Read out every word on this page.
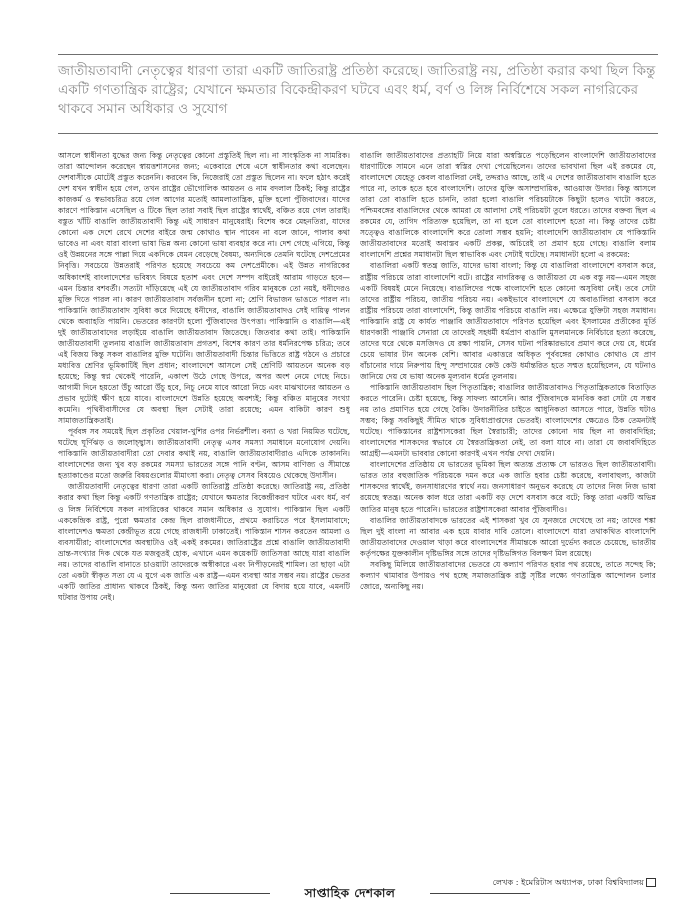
জাতীয়তাবাদী নেতৃত্বের ধারণা তারা একটি জাতিরাষ্ট্র প্রতিষ্ঠা করেছে। জাতিরাষ্ট্র নয়, প্রতিষ্ঠা করার কথা ছিল কিন্তু একটি গণতান্ত্রিক রাষ্ট্রের; যেখানে ক্ষমতার বিকেন্দ্রীকরণ ঘটবে এবং ধর্ম, বর্ণ ও লিঙ্গ নির্বিশেষে সকল নাগরিকের থাকবে সমান অধিকার ও সুযোগ

আসলে স্বাধীনতা যুদ্ধের জন্য কিন্তু নেতৃত্বের কোনো প্রস্তুতিই ছিল না। না সাংস্কৃতিক না সামরিক। তারা আন্দোলন করেছেন স্বায়ত্তশাসনের জন্য; একেবারে শেষে এসে স্বাধীনতার কথা বলেছেন। দেশবাসীকে মোটেই প্রস্তুত করেননি। করবেন কি, নিজেরাই তো প্রস্তুত ছিলেন না। ফলে হঠাৎ করেই দেশ যখন স্বাধীন হয়ে গেল, তখন রাষ্ট্রের ভৌগোলিক আয়তন ও নাম বদলাল ঠিকই; কিন্তু রাষ্ট্রের কাজকর্ম ও স্বভাবচরিত্র রয়ে গেল আগের মতোই আমলাতান্ত্রিক, মুক্তি হলো পুঁজিবাদের। যাদের কারণে পাকিস্তান এসেছিল ও টিকে ছিল তারা সবাই ছিল রাষ্ট্রের স্বার্থেই, বঞ্চিত রয়ে গেল তারাই। বস্তুত খাঁটি বাঙালি জাতীয়তাবাদী কিন্তু এই সাধারণ মানুষেরাই। বিশেষ করে মেহনতিরা, যাদের কোনো এক দেশে রেখে দেশের বাইরে জন্ম কোথাও স্থান পাবেন না বলে জানে, পালাব কথা ভাবেও না এবং যারা বাংলা ভাষা ভিন্ন অন্য কোনো ভাষা ব্যবহার করে না। দেশ গেছে এগিয়ে, কিন্তু ওই উন্নয়নের সঙ্গে পাল্লা দিয়ে একদিকে যেমন বেড়েছে বৈষম্য, অন্যদিকে তেমনি ঘটেছে দেশপ্রেমের নিবৃত্তি। সবচেয়ে উন্নতরাই পরিণত হয়েছে সবচেয়ে কম দেশপ্রেমীকে। এই উন্নত নাগরিকের অধিকাংশই বাংলাদেশের ভবিষ্যৎ বিষয়ে হতাশ এবং দেশে সম্পদ বাইরেই আরাম গাড়তে হবে—এমন চিন্তার বশবর্তী। সত্যটা দাঁড়িয়েছে এই যে জাতীয়তাবাদ গরিব মানুষকে তো নয়ই, ধনীদেরও মুক্তি দিতে পারল না। কারণ জাতীয়তাবাদ সর্বজনীন হলো না; শ্রেণি বিভাজন ভাঙতে পারল না। পাকিস্তানি জাতীয়তাবাদ সুবিধা করে দিয়েছে ধনীদের, বাঙালি জাতীয়তাবাদও সেই দায়িত্ব পালন থেকে অব্যাহতি পায়নি। ভেতরের কারণটা হলো পুঁজিবাদের উৎপত্তা। পাকিস্তানি ও বাঙালি—এই দুই জাতীয়তাবাদের লড়াইয়ে বাঙালি জাতীয়তাবাদ জিতেছে। জিতবার কথা তাই। পাকিস্তানি জাতীয়তাবাদী তুলনায় বাঙালি জাতীয়তাবাদ প্রগতশ, বিশেষ কারণ তার ধর্মনিরপেক্ষ চরিত্র; তবে এই বিজয় কিন্তু সকল বাঙালির মুক্তি ঘটেনি। জাতীয়তাবাদী চিন্তার ভিত্তিতে রাষ্ট্র গঠনে ও প্রচারে মধ্যবিত্ত শ্রেণির ভূমিকাটিই ছিল প্রধান; বাংলাদেশে আসলে সেই শ্রেণিটি আয়তনে অনেক বড় হয়েছে; কিন্তু স্বপ্ন থেকেই পারেনি, একাংশ উঠে গেছে উপরে, অপর অংশ নেমে গেছে নিচে। আগামী দিনে হয়তো উঁচু আরো উঁচু হবে, নিচু নেমে যাবে আরো নিচে এবং মাঝখানের আয়তন ও প্রভাব দুটোই ক্ষীণ হয়ে যাবে। বাংলাদেশে উন্নতি হয়েছে অবশ্যই; কিন্তু বঞ্চিত মানুষের সংখ্যা কমেনি। পৃথিবীবাসীদের যে অবস্থা ছিল সেটাই তারা রয়েছে; এমন বাকিটা কারণ শুধু সামাজতান্ত্রিকতাই।

পূর্ববঙ্গ সব সময়েই ছিল প্রকৃতির খেয়াল-খুশির ওপর নির্ভরশীল। বন্যা ও খরা নিয়মিত ঘটেছে, ঘটেছে ঘূর্ণিঝড় ও জলোচ্ছ্বাস। জাতীয়তাবাদী নেতৃত্ব এসব সমস্যা সমাধানে মনোযোগ দেয়নি। পাকিস্তানি জাতীয়তাবাদীরা তো দেবার কথাই নয়, বাঙালি জাতীয়তাবাদীরাও এদিকে তাকাননি। বাংলাদেশের জন্য খুব বড় রকমের সমস্যা ভারতের সঙ্গে পানি বণ্টন, আসম বাণিজ্য ও সীমান্তে হত্যাকাণ্ডের মতো জরুরি বিষয়গুলোর মীমাংসা করা। নেতৃত্ব সেসব বিষয়েও থেকেছে উদাসীন।

জাতীয়তাবাদী নেতৃত্বের ধারণা তারা একটি জাতিরাষ্ট্র প্রতিষ্ঠা করেছে। জাতিরাষ্ট্র নয়, প্রতিষ্ঠা করার কথা ছিল কিন্তু একটি গণতান্ত্রিক রাষ্ট্রের; যেখানে ক্ষমতার বিকেন্দ্রীকরণ ঘটবে এবং ধর্ম, বর্ণ ও লিঙ্গ নির্বিশেষে সকল নাগরিকের থাকবে সমান অধিকার ও সুযোগ। পাকিস্তান ছিল একটি এককেন্দ্রিক রাষ্ট্র, পুরো ক্ষমতার কেন্দ্র ছিল রাজধানীতে, প্রথমে করাচিতে পরে ইসলামাবাদে; বাংলাদেশও ক্ষমতা কেন্দ্রীভূত রয়ে গেছে রাজধানী ঢাকাতেই। পাকিস্তান শাসন করতেন আমলা ও ব্যবসায়ীরা; বাংলাদেশের অবস্থাটাও ওই একই রকমের। জাতিরাষ্ট্রের প্রশ্নে বাঙালি জাতীয়তাবাদী ভ্রান্ত-সংখ্যার দিক থেকে যত মজবুতই হোক, এখানে এমন কয়েকটি জাতিসত্তা আছে যারা বাঙালি নয়। তাদের বাঙালি বানাতে চাওয়াটা তাদেরকে অস্বীকারে এবং নিপীড়নেরই শামিল। তা ছাড়া এটা তো একটা স্বীকৃত সত্য যে এ যুগে এক জাতি এক রাষ্ট্র—এমন ব্যবস্থা আর সম্ভব নয়। রাষ্ট্রের ভেতর একটি জাতির প্রাধান্য থাকবে ঠিকই, কিন্তু অন্য জাতির মানুষেরা যে বিদায় হয়ে যাবে, এমনটি ঘটবার উপায় নেই।

বাঙালি জাতীয়তাবাদের প্রত্যাহটি নিয়ে যারা অস্বস্তিতে পড়েছিলেন বাংলাদেশি জাতীয়তাবাদের ধারণাটিকে সামনে এনে তারা স্বস্তির দেখা পেয়েছিলেন। তাদের ভাবখানা ছিল এই রকমের যে, বাংলাদেশে যেহেতু কেবল বাঙালিরা নেই, তদ্দরাও আছে, তাই এ দেশের জাতীয়তাবাদ বাঙালি হতে পারে না, তাকে হতে হবে বাংলাদেশি। তাদের যুক্তি অসাম্প্রদায়িক, আওয়াজ উদার। কিন্তু আসলে তারা তো বাঙালি হতে চাননি, তারা হলো বাঙালি পরিচয়টাকে কিছুটা হলেও খাটো করতে, পশ্চিমবঙ্গের বাঙালিদের থেকে আমরা যে আলাদা সেই পরিচয়টা তুলে ধরতে। তাদের বক্তব্য ছিল এ রকমের যে, তাগিদ পরিত্যক্ত হয়েছিল, তা না হলে তো বাংলাদেশ হতো না। কিন্তু তাদের চেষ্টা সত্ত্বেও বাঙালিকে বাংলাদেশি করে তোলা সম্ভব হয়নি; বাংলাদেশি জাতীয়তাবাদ যে পাকিস্তানি জাতীয়তাবাদের মতোই অবাস্তব একটি প্রকল্প, অচিরেই তা প্রমাণ হয়ে গেছে। বাঙালি বলাম বাংলাদেশি প্রশ্নের সমাধানটা ছিল স্বাভাবিক এবং সেটাই ঘটেছে। সমাধানটা হলো এ রকমের:

বাঙালিরা একটি স্বতন্ত্র জাতি, যাদের ভাষা বাংলা; কিন্তু যে বাঙালিরা বাংলাদেশে বসবাস করে, রাষ্ট্রীয় পরিচয়ে তারা বাংলাদেশি বটে। রাষ্ট্রের নাগরিকত্ব ও জাতীয়তা যে এক বস্তু নয়—এমন সহজ একটি বিষয়ই মেনে নিয়েছে। বাঙালিদের পক্ষে বাংলাদেশি হতে কোনো অসুবিধা নেই। তবে সেটা তাদের রাষ্ট্রীয় পরিচয়, জাতীয় পরিচয় নয়। একইভাবে বাংলাদেশে যে অবাঙালিরা বসবাস করে রাষ্ট্রীয় পরিচয়ে তারা বাংলাদেশি, কিন্তু জাতীয় পরিচয়ে বাঙালি নয়। এক্ষেত্রে যুক্তিটা সহজ সমাধান। পাকিস্তানি রাষ্ট্র যে কাৰ্যত পাঞ্জাবি জাতীয়তাবাদে পরিণত হয়েছিল এবং ইসলামের প্রতীকের মূর্তি ধারণকারী পাঞ্জাবি সেনারা যে তাদেরই সহধর্মী ধর্মপ্রাণ বাঙালি মুসলমানকে নির্বিচারে হত্যা করেছে, তাদের ঘরে থেকে মসজিদও যে রক্ষা পায়নি, সেসব ঘটনা পরিষ্কারভাবে প্রমাণ করে দেয় যে, ধর্মের চেয়ে ভাষার টান অনেক বেশি। আবার একাত্তরে অধিকৃত পূর্ববঙ্গের কোথাও কোথাও যে প্রাণ বাঁচানোর দায়ে নিরুপায় হিন্দু সম্প্রদায়ের কেউ কেউ ধর্মান্তরিত হতে সম্মত হয়েছিলেন, যে ঘটনাও জানিয়ে দেয় যে ভাষা অনেক মূল্যবান ধর্মের তুলনায়।

পাকিস্তানি জাতীয়তাবাদ ছিল পিতৃতান্ত্রিক; বাঙালির জাতীয়তাবাদও পিতৃতান্ত্রিকতাকে বিতাড়িত করতে পারেনি। চেষ্টা হয়েছে, কিন্তু সাফল্য আসেনি। আর পুঁজিবাদকে মানবিক করা সেটা যে সম্ভব নয় তাও প্রমাণিত হয়ে গেছে বৈকি। উদারনীতির চাইতে আধুনিকতা আসতে পারে, উন্নতি ঘটাও সম্ভব; কিন্তু সবকিছুই সীমিত থাকে সুবিধাপ্রাপ্তদের ভেতরই। বাংলাদেশের ক্ষেত্রেও ঠিক তেমনটাই ঘটেছে। পাকিস্তানের রাষ্ট্রশাসকেরা ছিল স্বৈরাচারী; তাদের কোনো দায় ছিল না জবাবদিহির; বাংলাদেশের শাসকদের স্বভাবে যে স্বৈরতান্ত্রিকতা নেই, তা বলা যাবে না। তারা যে জবাবদিহিতে আগ্রহী—এমনটা ভাববার কোনো কারণই এখন পর্যন্ত দেখা দেয়নি।

বাংলাদেশের প্রতিষ্ঠায় যে ভারতের ভূমিকা ছিল অত্যন্ত প্রত্যক্ষ সে ভারতও ছিল জাতীয়তাবাদী। ভারত তার বহুজাতিক পরিচয়কে দমন করে এক জাতি হবার চেষ্টা করেছে, বলাবাহুল্য, কাজটা শাসকদের স্বার্থেই, জনসাধারণের স্বার্থে নয়। জনসাধারণ অনুভব করেছে যে তাদের নিজ নিজ ভাষা রয়েছে স্বতন্ত্র। অনেক কাল ধরে তারা একটি বড় দেশে বসবাস করে বটে; কিন্তু তারা একটি অভিন্ন জাতির মানুষ হতে পারেনি। ভারতের রাষ্ট্রশাসকেরা আবার পুঁজিবাদীও।

বাঙালির জাতীয়তাবাদকে ভারতের এই শাসকরা খুব যে সুনজরে দেখেছে তা নয়; তাদের শঙ্কা ছিল দুই বাংলা না আবার এক হয়ে যাবার দাবি তোলে। বাংলাদেশে যারা তথাকথিত বাংলাদেশি জাতীয়তাবাদের দেওয়াল খাড়া করে বাংলাদেশের সীমান্তকে আরো দুর্ভেদ্য করতে চেয়েছে, ভারতীয় কর্তৃপক্ষের যুক্তকালীন দৃষ্টিভঙ্গির সঙ্গে তাদের দৃষ্টিভঙ্গিগত বিলক্ষণ মিল রয়েছে।

সবকিছু মিলিয়ে জাতীয়তাবাদের ভেতরে যে কল্যাণ পরিণত হবার পথ রয়েছে, তাতে সন্দেহ কি; কল্যাণ থামাবার উপায়ও পথ হচ্ছে সমাজতান্ত্রিক রাষ্ট্র সৃষ্টির লক্ষ্যে গণতান্ত্রিক আন্দোলন চলার জোরে, অন্যকিছু নয়।

লেখক : ইমেরিটাস অধ্যাপক, ঢাকা বিশ্ববিদ্যালয়
সাপ্তাহিক দেশকাল
